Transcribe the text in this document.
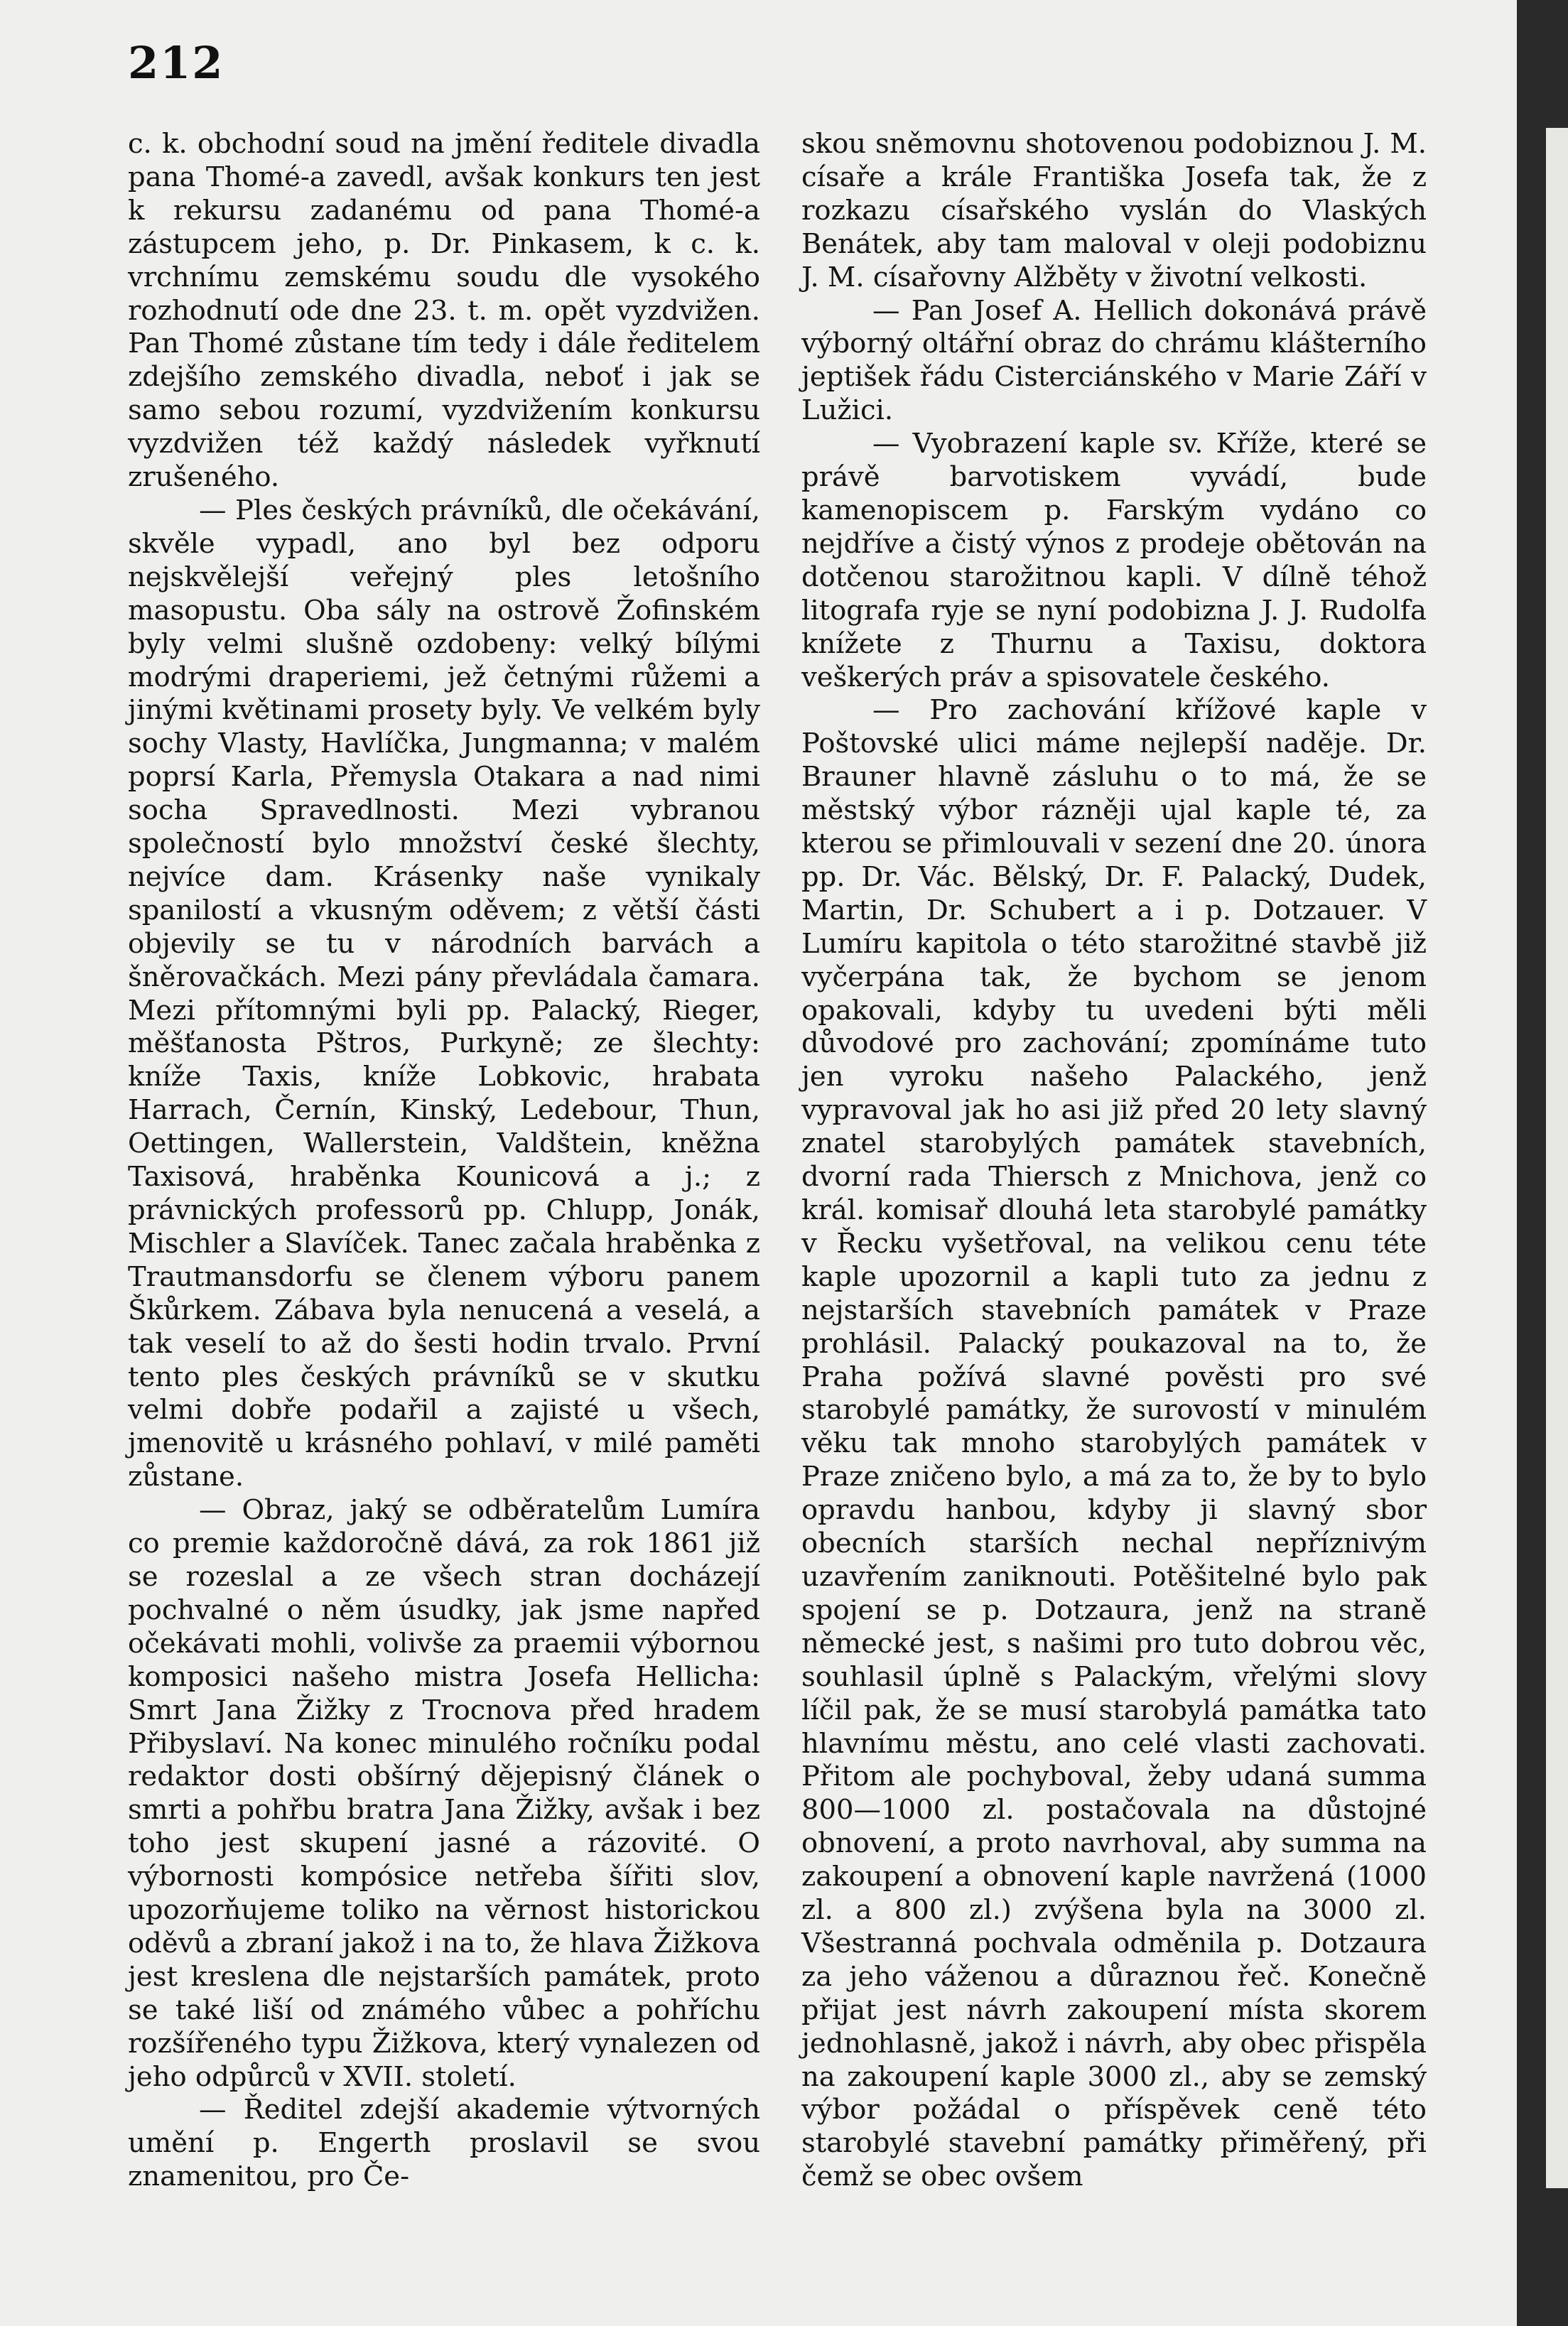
212

c. k. obchodní soud na jmění ředitele divadla pana Thomé-a zavedl, avšak konkurs ten jest k rekursu zadanému od pana Thomé-a zástupcem jeho, p. Dr. Pinkasem, k c. k. vrchnímu zemskému soudu dle vysokého rozhodnutí ode dne 23. t. m. opět vyzdvižen. Pan Thomé zůstane tím tedy i dále ředitelem zdejšího zemského divadla, neboť i jak se samo sebou rozumí, vyzdvižením konkursu vyzdvižen též každý následek vyřknutí zrušeného.

— Ples českých právníků, dle očekávání, skvěle vypadl, ano byl bez odporu nejskvělejší veřejný ples letošního masopustu. Oba sály na ostrově Žofinském byly velmi slušně ozdobeny: velký bílými modrými draperiemi, jež četnými růžemi a jinými květinami prosety byly. Ve velkém byly sochy Vlasty, Havlíčka, Jungmanna; v malém poprsí Karla, Přemysla Otakara a nad nimi socha Spravedlnosti. Mezi vybranou společností bylo množství české šlechty, nejvíce dam. Krásenky naše vynikaly spanilostí a vkusným oděvem; z větší části objevily se tu v národních barvách a šněrovačkách. Mezi pány převládala čamara. Mezi přítomnými byli pp. Palacký, Rieger, měšťanosta Pštros, Purkyně; ze šlechty: kníže Taxis, kníže Lobkovic, hrabata Harrach, Černín, Kinský, Ledebour, Thun, Oettingen, Wallerstein, Valdštein, kněžna Taxisová, hraběnka Kounicová a j.; z právnických professorů pp. Chlupp, Jonák, Mischler a Slavíček. Tanec začala hraběnka z Trautmansdorfu se členem výboru panem Škůrkem. Zábava byla nenucená a veselá, a tak veselí to až do šesti hodin trvalo. První tento ples českých právníků se v skutku velmi dobře podařil a zajisté u všech, jmenovitě u krásného pohlaví, v milé paměti zůstane.

— Obraz, jaký se odběratelům Lumíra co premie každoročně dává, za rok 1861 již se rozeslal a ze všech stran docházejí pochvalné o něm úsudky, jak jsme napřed očekávati mohli, volivše za praemii výbornou komposici našeho mistra Josefa Hellicha: Smrt Jana Žižky z Trocnova před hradem Přibyslaví. Na konec minulého ročníku podal redaktor dosti obšírný dějepisný článek o smrti a pohřbu bratra Jana Žižky, avšak i bez toho jest skupení jasné a rázovité. O výbornosti kompósice netřeba šířiti slov, upozorňujeme toliko na věrnost historickou oděvů a zbraní jakož i na to, že hlava Žižkova jest kreslena dle nejstarších památek, proto se také liší od známého vůbec a pohříchu rozšířeného typu Žižkova, který vynalezen od jeho odpůrců v XVII. století.

— Ředitel zdejší akademie výtvorných umění p. Engerth proslavil se svou znamenitou, pro Če-

skou sněmovnu shotovenou podobiznou J. M. císaře a krále Františka Josefa tak, že z rozkazu císařského vyslán do Vlaských Benátek, aby tam maloval v oleji podobiznu J. M. císařovny Alžběty v životní velkosti.

— Pan Josef A. Hellich dokonává právě výborný oltářní obraz do chrámu klášterního jeptišek řádu Cisterciánského v Marie Září v Lužici.

— Vyobrazení kaple sv. Kříže, které se právě barvotiskem vyvádí, bude kamenopiscem p. Farským vydáno co nejdříve a čistý výnos z prodeje obětován na dotčenou starožitnou kapli. V dílně téhož litografa ryje se nyní podobizna J. J. Rudolfa knížete z Thurnu a Taxisu, doktora veškerých práv a spisovatele českého.

— Pro zachování křížové kaple v Poštovské ulici máme nejlepší naděje. Dr. Brauner hlavně zásluhu o to má, že se městský výbor rázněji ujal kaple té, za kterou se přimlouvali v sezení dne 20. února pp. Dr. Vác. Bělský, Dr. F. Palacký, Dudek, Martin, Dr. Schubert a i p. Dotzauer. V Lumíru kapitola o této starožitné stavbě již vyčerpána tak, že bychom se jenom opakovali, kdyby tu uvedeni býti měli důvodové pro zachování; zpomínáme tuto jen vyroku našeho Palackého, jenž vypravoval jak ho asi již před 20 lety slavný znatel starobylých památek stavebních, dvorní rada Thiersch z Mnichova, jenž co král. komisař dlouhá leta starobylé památky v Řecku vyšetřoval, na velikou cenu téte kaple upozornil a kapli tuto za jednu z nejstarších stavebních památek v Praze prohlásil. Palacký poukazoval na to, že Praha požívá slavné pověsti pro své starobylé památky, že surovostí v minulém věku tak mnoho starobylých památek v Praze zničeno bylo, a má za to, že by to bylo opravdu hanbou, kdyby ji slavný sbor obecních starších nechal nepříznivým uzavřením zaniknouti. Potěšitelné bylo pak spojení se p. Dotzaura, jenž na straně německé jest, s našimi pro tuto dobrou věc, souhlasil úplně s Palackým, vřelými slovy líčil pak, že se musí starobylá památka tato hlavnímu městu, ano celé vlasti zachovati. Přitom ale pochyboval, žeby udaná summa 800—1000 zl. postačovala na důstojné obnovení, a proto navrhoval, aby summa na zakoupení a obnovení kaple navržená (1000 zl. a 800 zl.) zvýšena byla na 3000 zl. Všestranná pochvala odměnila p. Dotzaura za jeho váženou a důraznou řeč. Konečně přijat jest návrh zakoupení místa skorem jednohlasně, jakož i návrh, aby obec přispěla na zakoupení kaple 3000 zl., aby se zemský výbor požádal o příspěvek ceně této starobylé stavební památky přiměřený, při čemž se obec ovšem
